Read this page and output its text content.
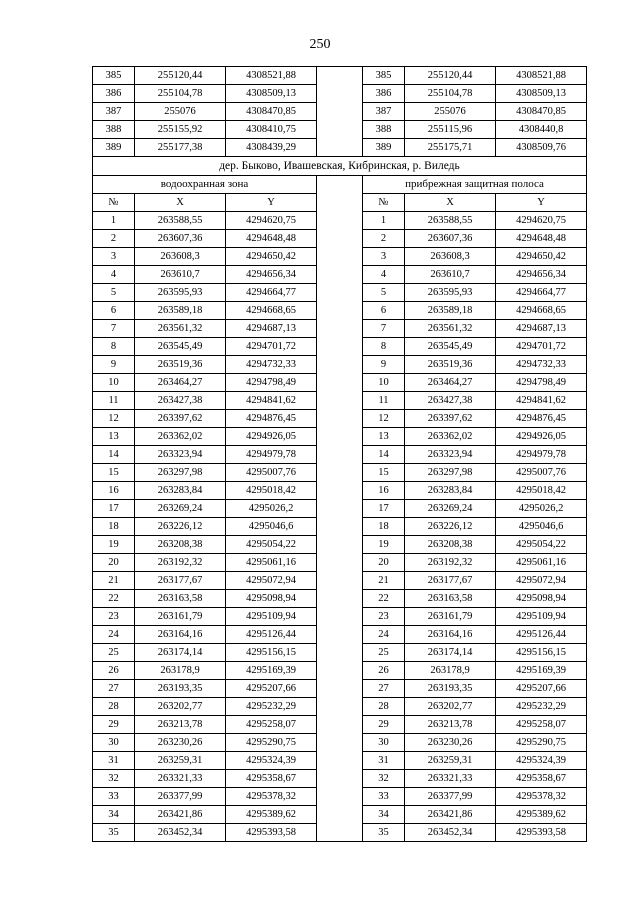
250
385	255120,44	4308521,88		385	255120,44	4308521,88
386	255104,78	4308509,13		386	255104,78	4308509,13
387	255076	4308470,85		387	255076	4308470,85
388	255155,92	4308410,75		388	255115,96	4308440,8
389	255177,38	4308439,29		389	255175,71	4308509,76
дер. Быково, Ивашевская, Кибринская, р. Виледь						
водоохранная зона				прибрежная защитная полоса		
№	X	Y		№	X	Y
1	263588,55	4294620,75		1	263588,55	4294620,75
2	263607,36	4294648,48		2	263607,36	4294648,48
3	263608,3	4294650,42		3	263608,3	4294650,42
4	263610,7	4294656,34		4	263610,7	4294656,34
5	263595,93	4294664,77		5	263595,93	4294664,77
6	263589,18	4294668,65		6	263589,18	4294668,65
7	263561,32	4294687,13		7	263561,32	4294687,13
8	263545,49	4294701,72		8	263545,49	4294701,72
9	263519,36	4294732,33		9	263519,36	4294732,33
10	263464,27	4294798,49		10	263464,27	4294798,49
11	263427,38	4294841,62		11	263427,38	4294841,62
12	263397,62	4294876,45		12	263397,62	4294876,45
13	263362,02	4294926,05		13	263362,02	4294926,05
14	263323,94	4294979,78		14	263323,94	4294979,78
15	263297,98	4295007,76		15	263297,98	4295007,76
16	263283,84	4295018,42		16	263283,84	4295018,42
17	263269,24	4295026,2		17	263269,24	4295026,2
18	263226,12	4295046,6		18	263226,12	4295046,6
19	263208,38	4295054,22		19	263208,38	4295054,22
20	263192,32	4295061,16		20	263192,32	4295061,16
21	263177,67	4295072,94		21	263177,67	4295072,94
22	263163,58	4295098,94		22	263163,58	4295098,94
23	263161,79	4295109,94		23	263161,79	4295109,94
24	263164,16	4295126,44		24	263164,16	4295126,44
25	263174,14	4295156,15		25	263174,14	4295156,15
26	263178,9	4295169,39		26	263178,9	4295169,39
27	263193,35	4295207,66		27	263193,35	4295207,66
28	263202,77	4295232,29		28	263202,77	4295232,29
29	263213,78	4295258,07		29	263213,78	4295258,07
30	263230,26	4295290,75		30	263230,26	4295290,75
31	263259,31	4295324,39		31	263259,31	4295324,39
32	263321,33	4295358,67		32	263321,33	4295358,67
33	263377,99	4295378,32		33	263377,99	4295378,32
34	263421,86	4295389,62		34	263421,86	4295389,62
35	263452,34	4295393,58		35	263452,34	4295393,58
